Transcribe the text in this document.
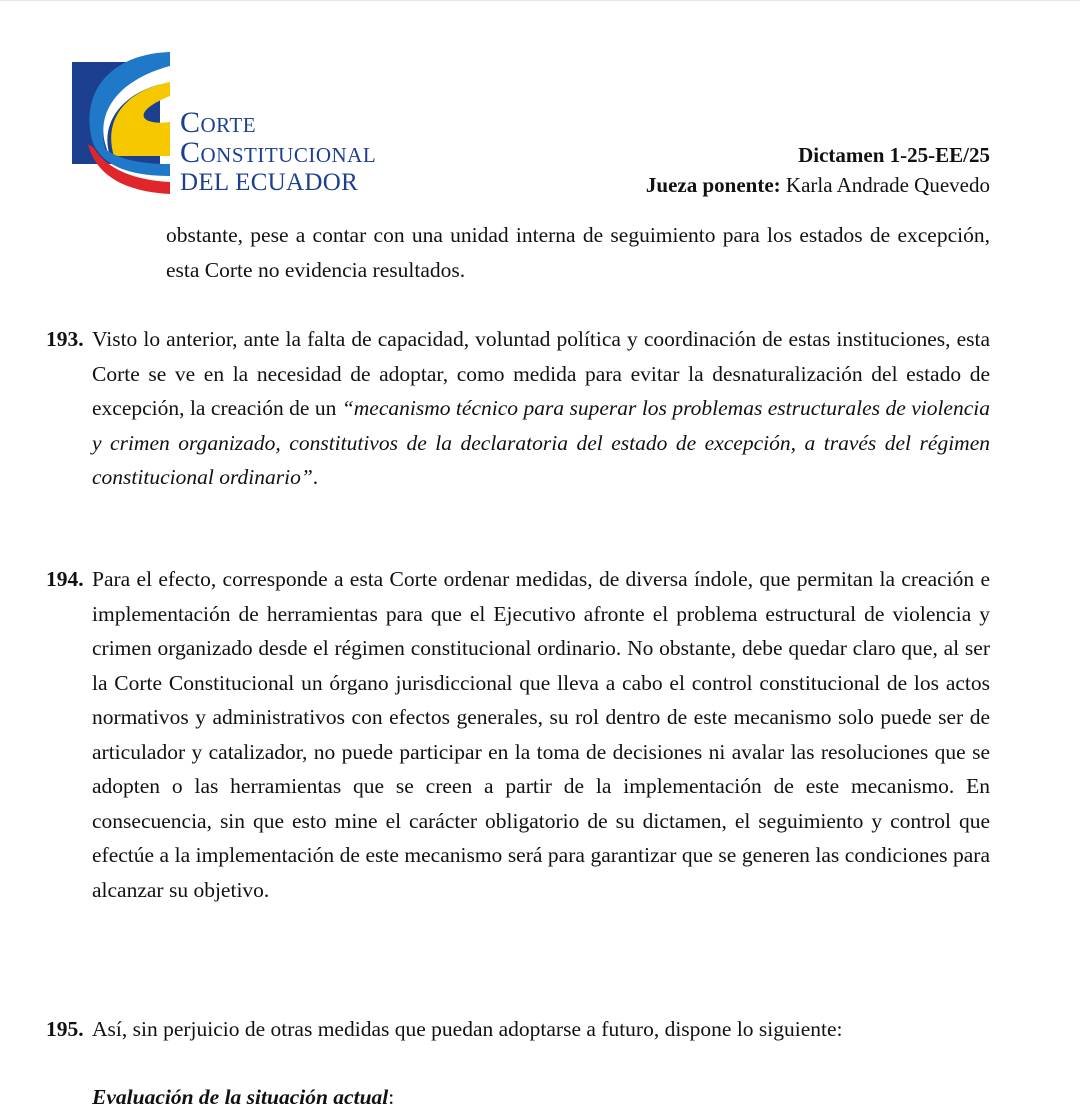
Corte
Constitucional
DEL ECUADOR
Dictamen 1-25-EE/25
Jueza ponente: Karla Andrade Quevedo
obstante, pese a contar con una unidad interna de seguimiento para los estados de excepción, esta Corte no evidencia resultados.
193. Visto lo anterior, ante la falta de capacidad, voluntad política y coordinación de estas instituciones, esta Corte se ve en la necesidad de adoptar, como medida para evitar la desnaturalización del estado de excepción, la creación de un “mecanismo técnico para superar los problemas estructurales de violencia y crimen organizado, constitutivos de la declaratoria del estado de excepción, a través del régimen constitucional ordinario”.
194. Para el efecto, corresponde a esta Corte ordenar medidas, de diversa índole, que permitan la creación e implementación de herramientas para que el Ejecutivo afronte el problema estructural de violencia y crimen organizado desde el régimen constitucional ordinario. No obstante, debe quedar claro que, al ser la Corte Constitucional un órgano jurisdiccional que lleva a cabo el control constitucional de los actos normativos y administrativos con efectos generales, su rol dentro de este mecanismo solo puede ser de articulador y catalizador, no puede participar en la toma de decisiones ni avalar las resoluciones que se adopten o las herramientas que se creen a partir de la implementación de este mecanismo. En consecuencia, sin que esto mine el carácter obligatorio de su dictamen, el seguimiento y control que efectúe a la implementación de este mecanismo será para garantizar que se generen las condiciones para alcanzar su objetivo.
195. Así, sin perjuicio de otras medidas que puedan adoptarse a futuro, dispone lo siguiente:
Evaluación de la situación actual:
